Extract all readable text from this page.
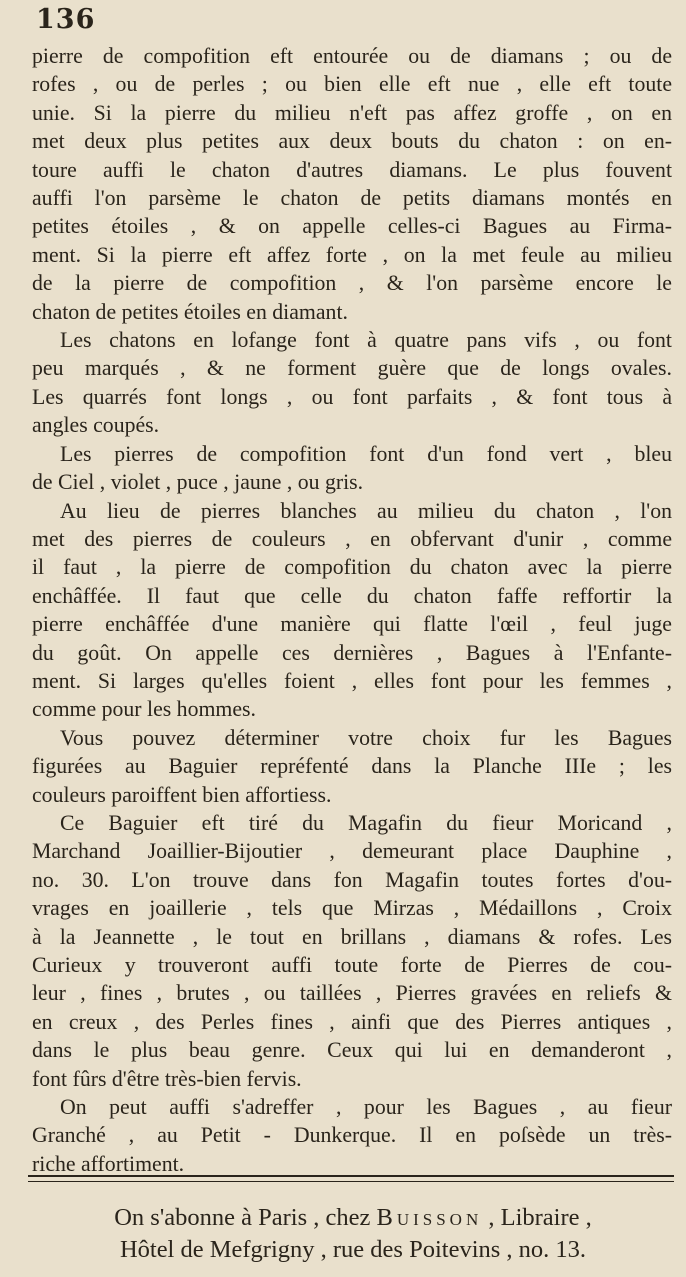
136
pierre de compofition eft entourée ou de diamans ; ou de
rofes , ou de perles ; ou bien elle eft nue , elle eft toute
unie. Si la pierre du milieu n'eft pas affez groffe , on en
met deux plus petites aux deux bouts du chaton : on en-
toure auffi le chaton d'autres diamans. Le plus fouvent
auffi l'on parsème le chaton de petits diamans montés en
petites étoiles , & on appelle celles-ci Bagues au Firma-
ment. Si la pierre eft affez forte , on la met feule au milieu
de la pierre de compofition , & l'on parsème encore le
chaton de petites étoiles en diamant.
Les chatons en lofange font à quatre pans vifs , ou font
peu marqués , & ne forment guère que de longs ovales.
Les quarrés font longs , ou font parfaits , & font tous à
angles coupés.
Les pierres de compofition font d'un fond vert , bleu
de Ciel , violet , puce , jaune , ou gris.
Au lieu de pierres blanches au milieu du chaton , l'on
met des pierres de couleurs , en obfervant d'unir , comme
il faut , la pierre de compofition du chaton avec la pierre
enchâffée. Il faut que celle du chaton faffe reffortir la
pierre enchâffée d'une manière qui flatte l'œil , feul juge
du goût. On appelle ces dernières , Bagues à l'Enfante-
ment. Si larges qu'elles foient , elles font pour les femmes ,
comme pour les hommes.
Vous pouvez déterminer votre choix fur les Bagues
figurées au Baguier repréfenté dans la Planche IIIe ; les
couleurs paroiffent bien affortiess.
Ce Baguier eft tiré du Magafin du fieur Moricand ,
Marchand Joaillier-Bijoutier , demeurant place Dauphine ,
no. 30. L'on trouve dans fon Magafin toutes fortes d'ou-
vrages en joaillerie , tels que Mirzas , Médaillons , Croix
à la Jeannette , le tout en brillans , diamans & rofes. Les
Curieux y trouveront auffi toute forte de Pierres de cou-
leur , fines , brutes , ou taillées , Pierres gravées en reliefs &
en creux , des Perles fines , ainfi que des Pierres antiques ,
dans le plus beau genre. Ceux qui lui en demanderont ,
font fûrs d'être très-bien fervis.
On peut auffi s'adreffer , pour les Bagues , au fieur
Granché , au Petit - Dunkerque. Il en poſsède un très-
riche affortiment.
On s'abonne à Paris , chez Buisson , Libraire ,
Hôtel de Mefgrigny , rue des Poitevins , no. 13.
